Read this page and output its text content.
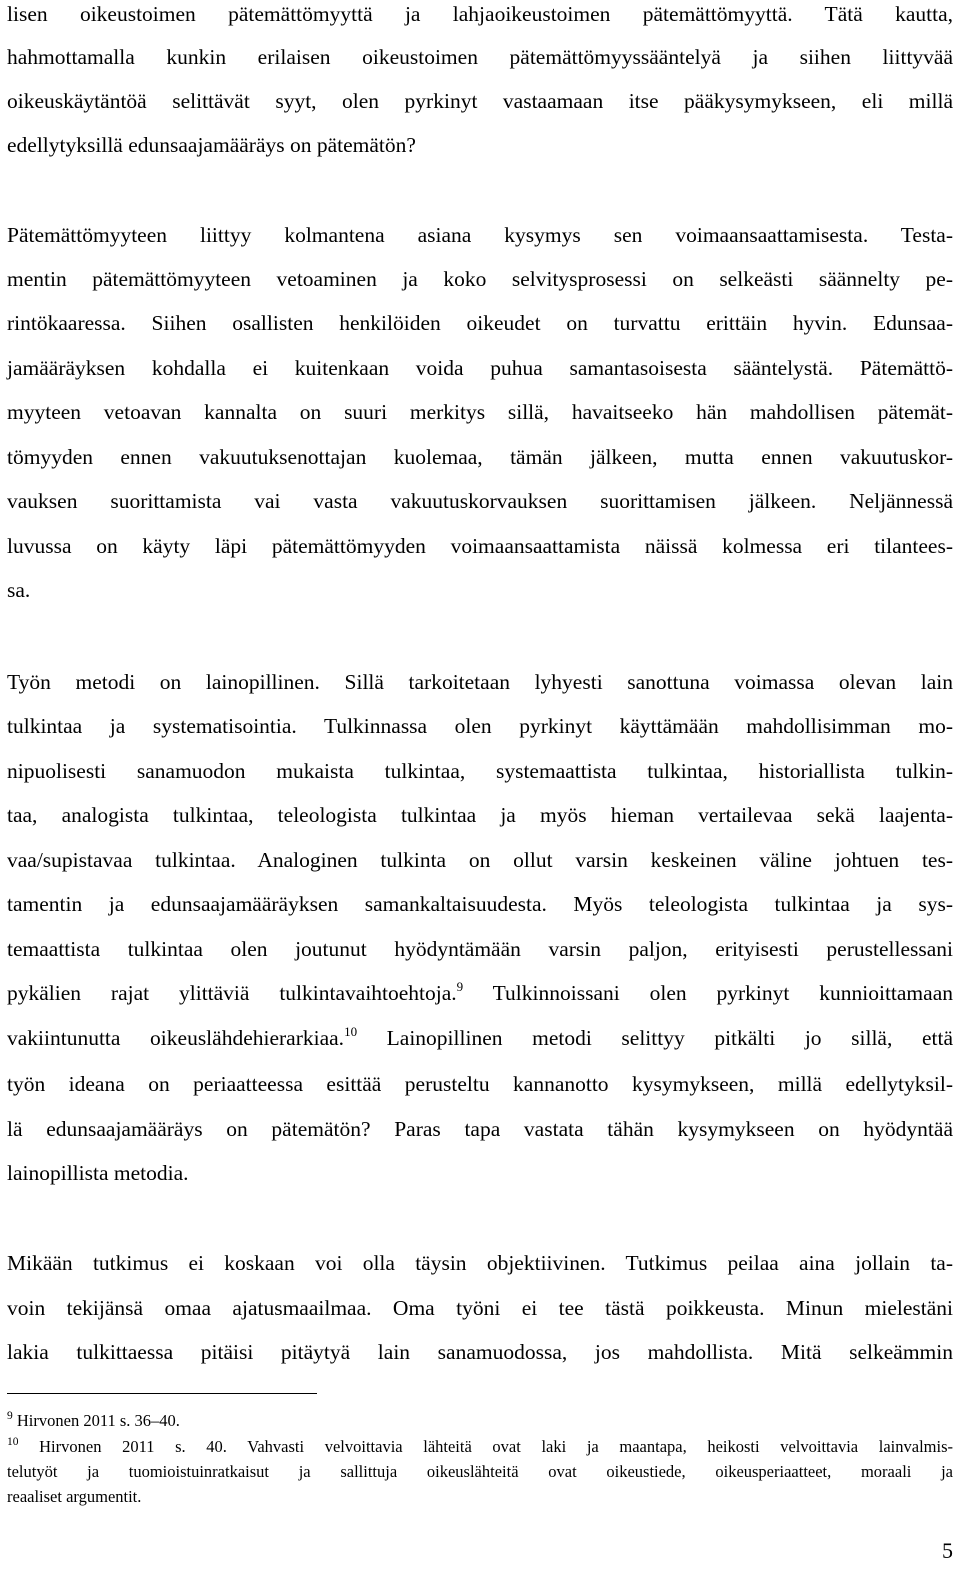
lisen oikeustoimen pätemättömyyttä ja lahjaoikeustoimen pätemättömyyttä. Tätä kautta,
hahmottamalla kunkin erilaisen oikeustoimen pätemättömyyssääntelyä ja siihen liittyvää
oikeuskäytäntöä selittävät syyt, olen pyrkinyt vastaamaan itse pääkysymykseen, eli millä
edellytyksillä edunsaajamääräys on pätemätön?
Pätemättömyyteen liittyy kolmantena asiana kysymys sen voimaansaattamisesta. Testa-
mentin pätemättömyyteen vetoaminen ja koko selvitysprosessi on selkeästi säännelty pe-
rintökaaressa. Siihen osallisten henkilöiden oikeudet on turvattu erittäin hyvin. Edunsaa-
jamääräyksen kohdalla ei kuitenkaan voida puhua samantasoisesta sääntelystä. Pätemättö-
myyteen vetoavan kannalta on suuri merkitys sillä, havaitseeko hän mahdollisen pätemät-
tömyyden ennen vakuutuksenottajan kuolemaa, tämän jälkeen, mutta ennen vakuutuskor-
vauksen suorittamista vai vasta vakuutuskorvauksen suorittamisen jälkeen. Neljännessä
luvussa on käyty läpi pätemättömyyden voimaansaattamista näissä kolmessa eri tilantees-
sa.
Työn metodi on lainopillinen. Sillä tarkoitetaan lyhyesti sanottuna voimassa olevan lain
tulkintaa ja systematisointia. Tulkinnassa olen pyrkinyt käyttämään mahdollisimman mo-
nipuolisesti sanamuodon mukaista tulkintaa, systemaattista tulkintaa, historiallista tulkin-
taa, analogista tulkintaa, teleologista tulkintaa ja myös hieman vertailevaa sekä laajenta-
vaa/supistavaa tulkintaa. Analoginen tulkinta on ollut varsin keskeinen väline johtuen tes-
tamentin ja edunsaajamääräyksen samankaltaisuudesta. Myös teleologista tulkintaa ja sys-
temaattista tulkintaa olen joutunut hyödyntämään varsin paljon, erityisesti perustellessani
pykälien rajat ylittäviä tulkintavaihtoehtoja.$^9$ Tulkinnoissani olen pyrkinyt kunnioittamaan
vakiintunutta oikeuslähdehierarkiaa.$^{10}$ Lainopillinen metodi selittyy pitkälti jo sillä, että
työn ideana on periaatteessa esittää perusteltu kannanotto kysymykseen, millä edellytyksil-
lä edunsaajamääräys on pätemätön? Paras tapa vastata tähän kysymykseen on hyödyntää
lainopillista metodia.
Mikään tutkimus ei koskaan voi olla täysin objektiivinen. Tutkimus peilaa aina jollain ta-
voin tekijänsä omaa ajatusmaailmaa. Oma työni ei tee tästä poikkeusta. Minun mielestäni
lakia tulkittaessa pitäisi pitäytyä lain sanamuodossa, jos mahdollista. Mitä selkeämmin
$^9$ Hirvonen 2011 s. 36–40.
$^{10}$ Hirvonen 2011 s. 40. Vahvasti velvoittavia lähteitä ovat laki ja maantapa, heikosti velvoittavia lainvalmis-
telutyöt ja tuomioistuinratkaisut ja sallittuja oikeuslähteitä ovat oikeustiede, oikeusperiaatteet, moraali ja
reaaliset argumentit.
5
